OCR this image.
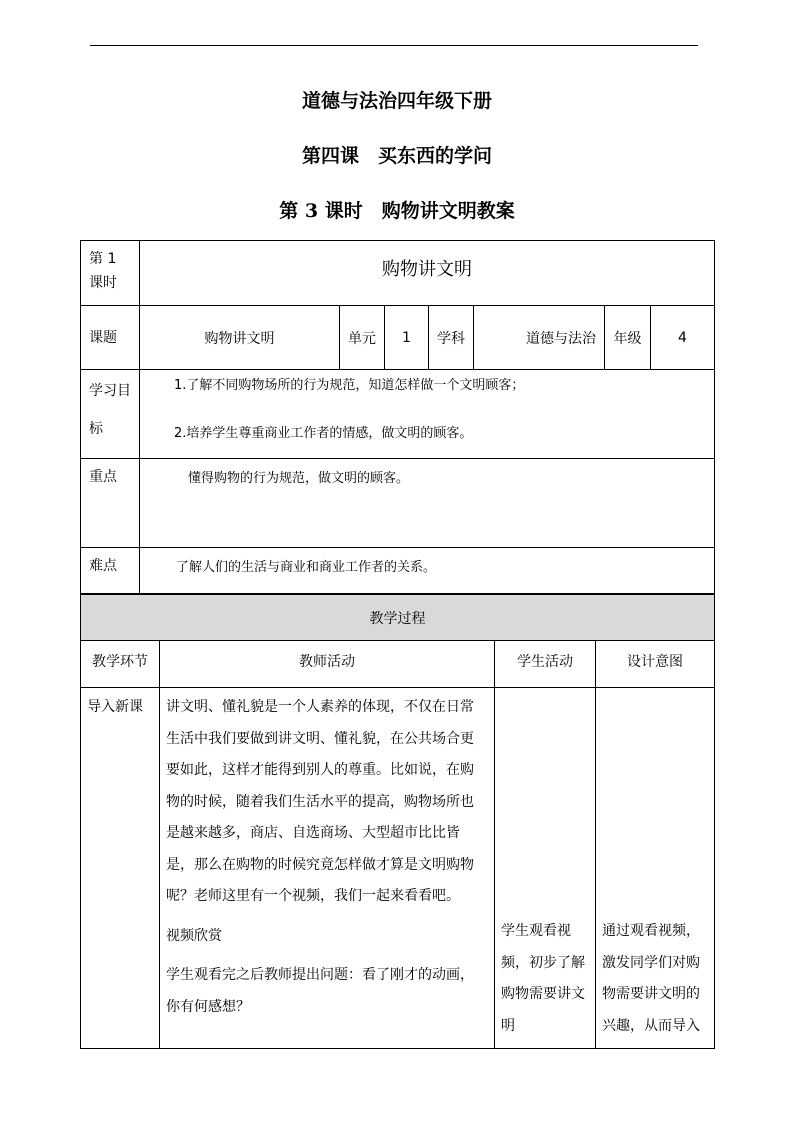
道德与法治四年级下册
第四课　买东西的学问
第 3 课时　购物讲文明教案
第 1 课时	购物讲文明						
课题	购物讲文明	单元	1	学科	道德与法治	年级	4
学习目标	1.了解不同购物场所的行为规范，知道怎样做一个文明顾客；
2.培养学生尊重商业工作者的情感，做文明的顾客。						

重点	懂得购物的行为规范，做文明的顾客。						
难点	了解人们的生活与商业和商业工作者的关系。						
教学过程			
教学环节	教师活动	学生活动	设计意图
导入新课	讲文明、懂礼貌是一个人素养的体现，不仅在日常生活中我们要做到讲文明、懂礼貌，在公共场合更要如此，这样才能得到别人的尊重。比如说，在购物的时候，随着我们生活水平的提高，购物场所也是越来越多，商店、自选商场、大型超市比比皆是，那么在购物的时候究竟怎样做才算是文明购物呢？老师这里有一个视频，我们一起来看看吧。

视频欣赏

学生观看完之后教师提出问题：看了刚才的动画，你有何感想？	学生观看视频，初步了解购物需要讲文明	通过观看视频，激发同学们对购物需要讲文明的兴趣，从而导入
